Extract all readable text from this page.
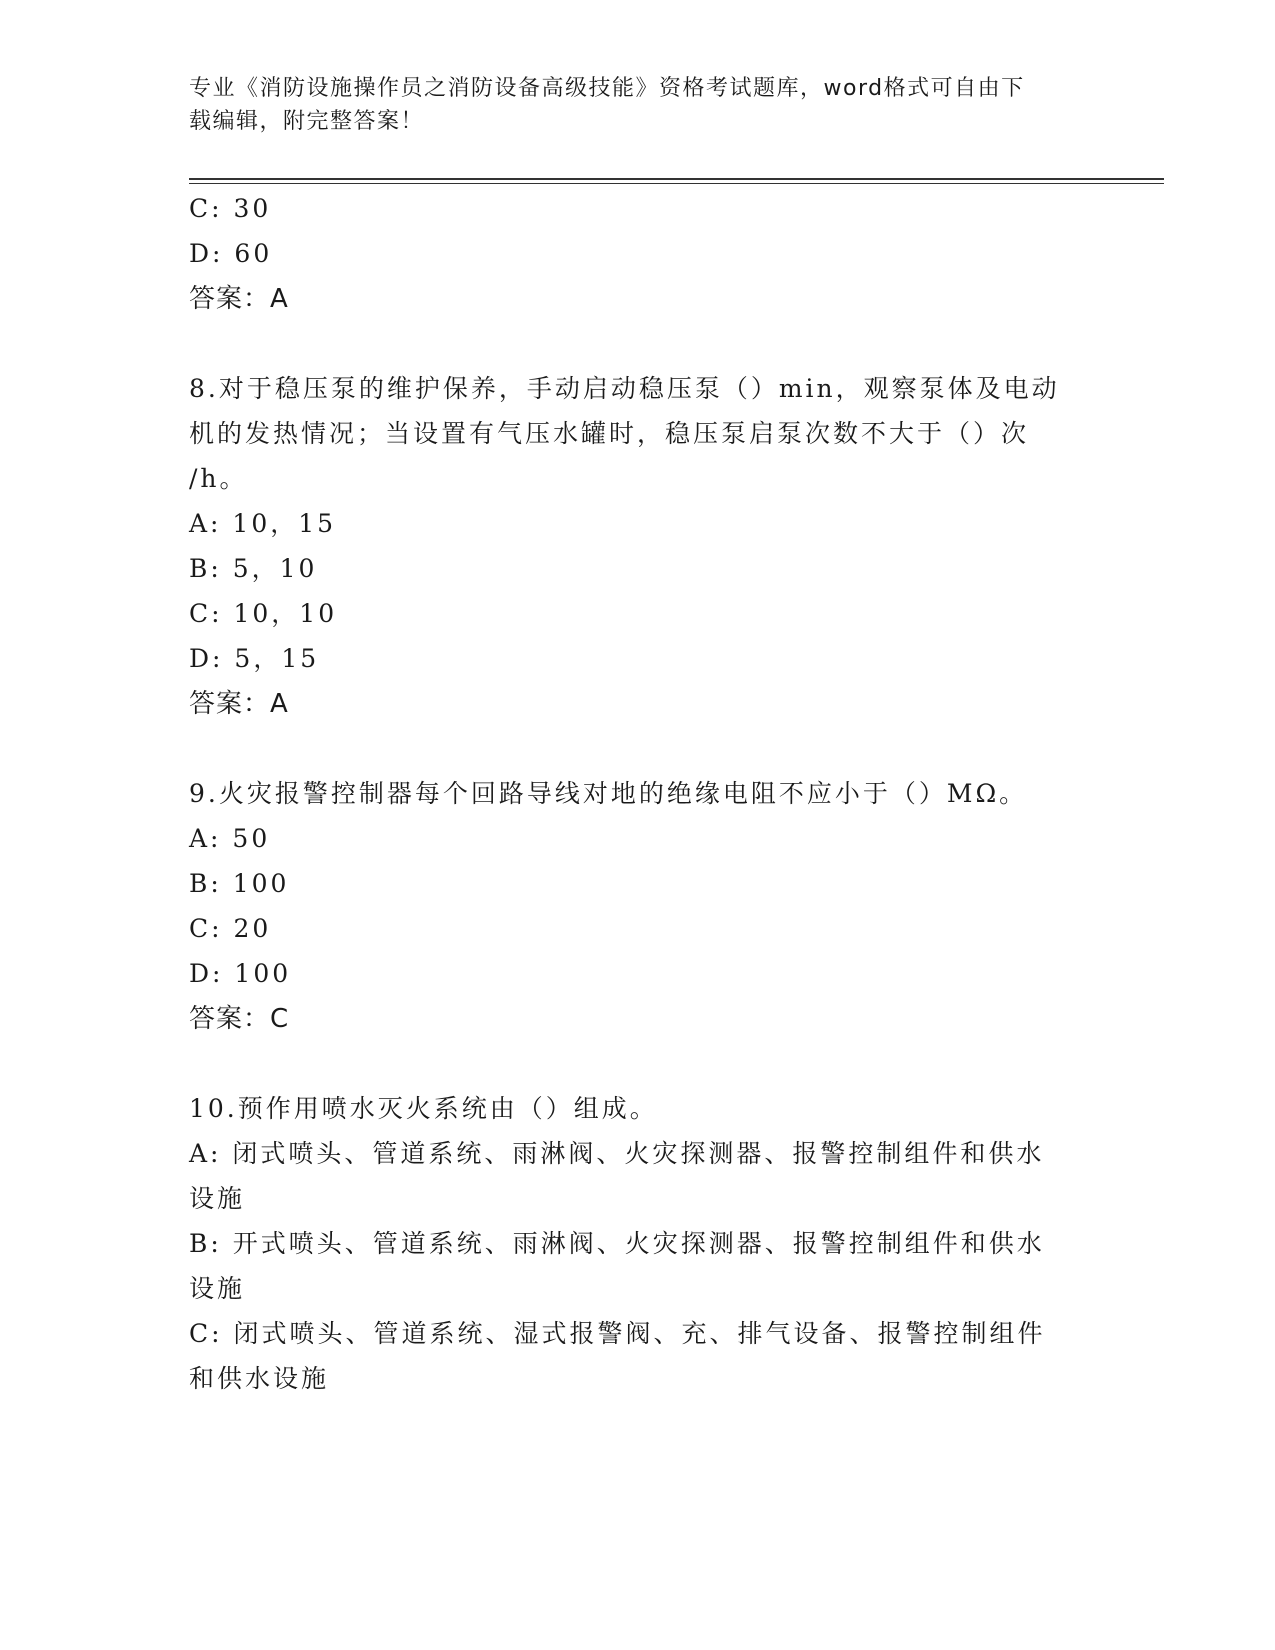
专业《消防设施操作员之消防设备高级技能》资格考试题库，word格式可自由下
载编辑，附完整答案！
C: 30
D: 60
答案：A
8.对于稳压泵的维护保养，手动启动稳压泵（）min，观察泵体及电动
机的发热情况；当设置有气压水罐时，稳压泵启泵次数不大于（）次
/h。
A: 10，15
B: 5，10
C: 10，10
D: 5，15
答案：A
9.火灾报警控制器每个回路导线对地的绝缘电阻不应小于（）MΩ。
A: 50
B: 100
C: 20
D: 100
答案：C
10.预作用喷水灭火系统由（）组成。
A: 闭式喷头、管道系统、雨淋阀、火灾探测器、报警控制组件和供水
设施
B: 开式喷头、管道系统、雨淋阀、火灾探测器、报警控制组件和供水
设施
C: 闭式喷头、管道系统、湿式报警阀、充、排气设备、报警控制组件
和供水设施
